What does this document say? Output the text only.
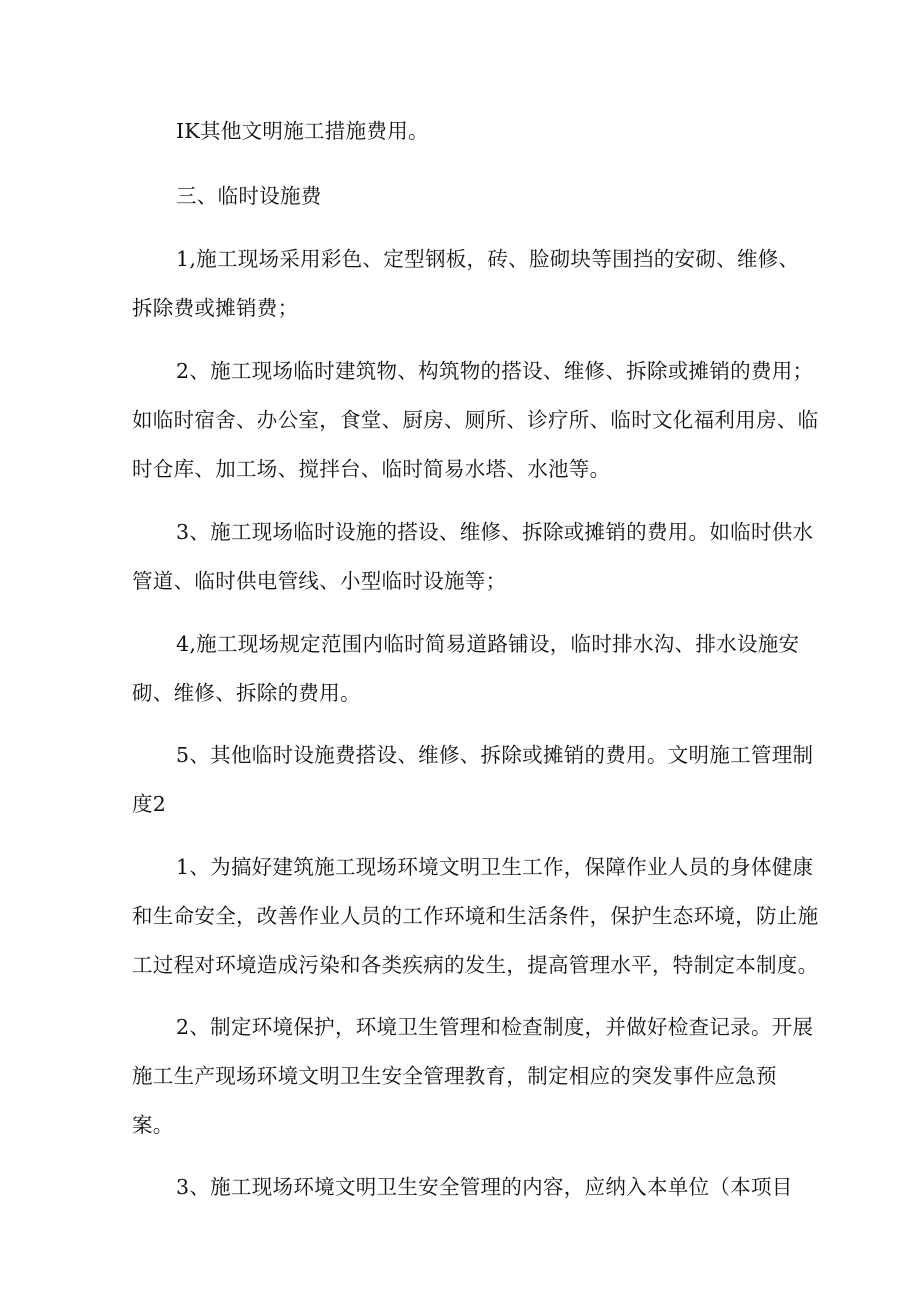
IK其他文明施工措施费用。
三、临时设施费
1,施工现场采用彩色、定型钢板，砖、脸砌块等围挡的安砌、维修、
拆除费或摊销费；
2、施工现场临时建筑物、构筑物的搭设、维修、拆除或摊销的费用；
如临时宿舍、办公室，食堂、厨房、厕所、诊疗所、临时文化福利用房、临
时仓库、加工场、搅拌台、临时简易水塔、水池等。
3、施工现场临时设施的搭设、维修、拆除或摊销的费用。如临时供水
管道、临时供电管线、小型临时设施等；
4,施工现场规定范围内临时简易道路铺设，临时排水沟、排水设施安
砌、维修、拆除的费用。
5、其他临时设施费搭设、维修、拆除或摊销的费用。文明施工管理制
度2
1、为搞好建筑施工现场环境文明卫生工作，保障作业人员的身体健康
和生命安全，改善作业人员的工作环境和生活条件，保护生态环境，防止施
工过程对环境造成污染和各类疾病的发生，提高管理水平，特制定本制度。
2、制定环境保护，环境卫生管理和检查制度，并做好检查记录。开展
施工生产现场环境文明卫生安全管理教育，制定相应的突发事件应急预
案。
3、施工现场环境文明卫生安全管理的内容，应纳入本单位（本项目
